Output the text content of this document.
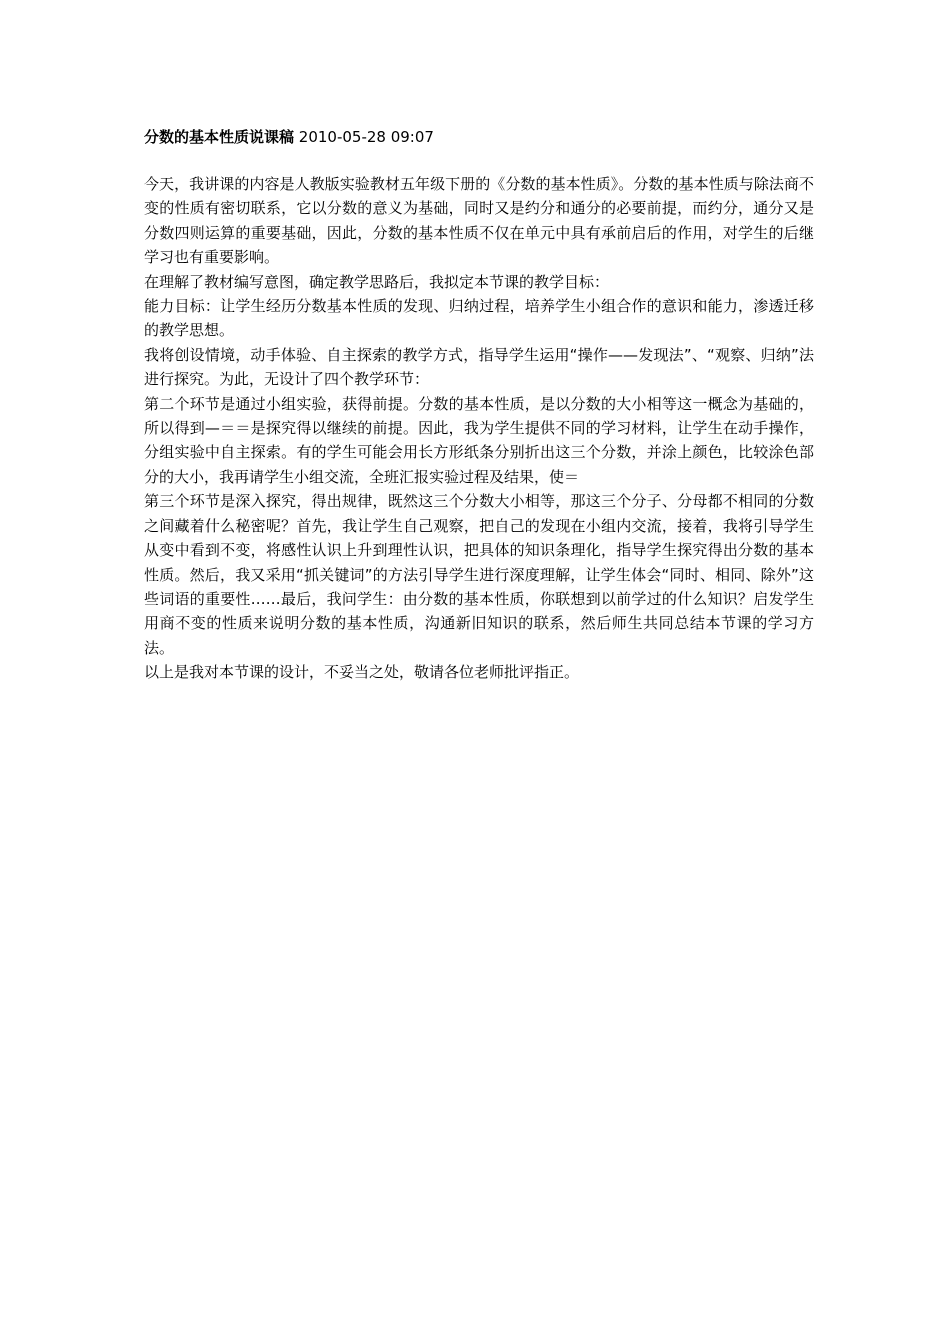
分数的基本性质说课稿 2010-05-28 09:07

今天，我讲课的内容是人教版实验教材五年级下册的《分数的基本性质》。分数的基本性质与除法商不变的性质有密切联系，它以分数的意义为基础，同时又是约分和通分的必要前提，而约分，通分又是分数四则运算的重要基础，因此，分数的基本性质不仅在单元中具有承前启后的作用，对学生的后继学习也有重要影响。

在理解了教材编写意图，确定教学思路后，我拟定本节课的教学目标：

能力目标：让学生经历分数基本性质的发现、归纳过程，培养学生小组合作的意识和能力，渗透迁移的教学思想。

我将创设情境，动手体验、自主探索的教学方式，指导学生运用“操作——发现法”、“观察、归纳”法进行探究。为此，无设计了四个教学环节：

第二个环节是通过小组实验，获得前提。分数的基本性质，是以分数的大小相等这一概念为基础的，所以得到—＝＝是探究得以继续的前提。因此，我为学生提供不同的学习材料，让学生在动手操作，分组实验中自主探索。有的学生可能会用长方形纸条分别折出这三个分数，并涂上颜色，比较涂色部分的大小，我再请学生小组交流，全班汇报实验过程及结果，使＝

第三个环节是深入探究，得出规律，既然这三个分数大小相等，那这三个分子、分母都不相同的分数之间藏着什么秘密呢？首先，我让学生自己观察，把自己的发现在小组内交流，接着，我将引导学生从变中看到不变，将感性认识上升到理性认识，把具体的知识条理化，指导学生探究得出分数的基本性质。然后，我又采用“抓关键词”的方法引导学生进行深度理解，让学生体会“同时、相同、除外”这些词语的重要性……最后，我问学生：由分数的基本性质，你联想到以前学过的什么知识？启发学生用商不变的性质来说明分数的基本性质，沟通新旧知识的联系，然后师生共同总结本节课的学习方法。

以上是我对本节课的设计，不妥当之处，敬请各位老师批评指正。
